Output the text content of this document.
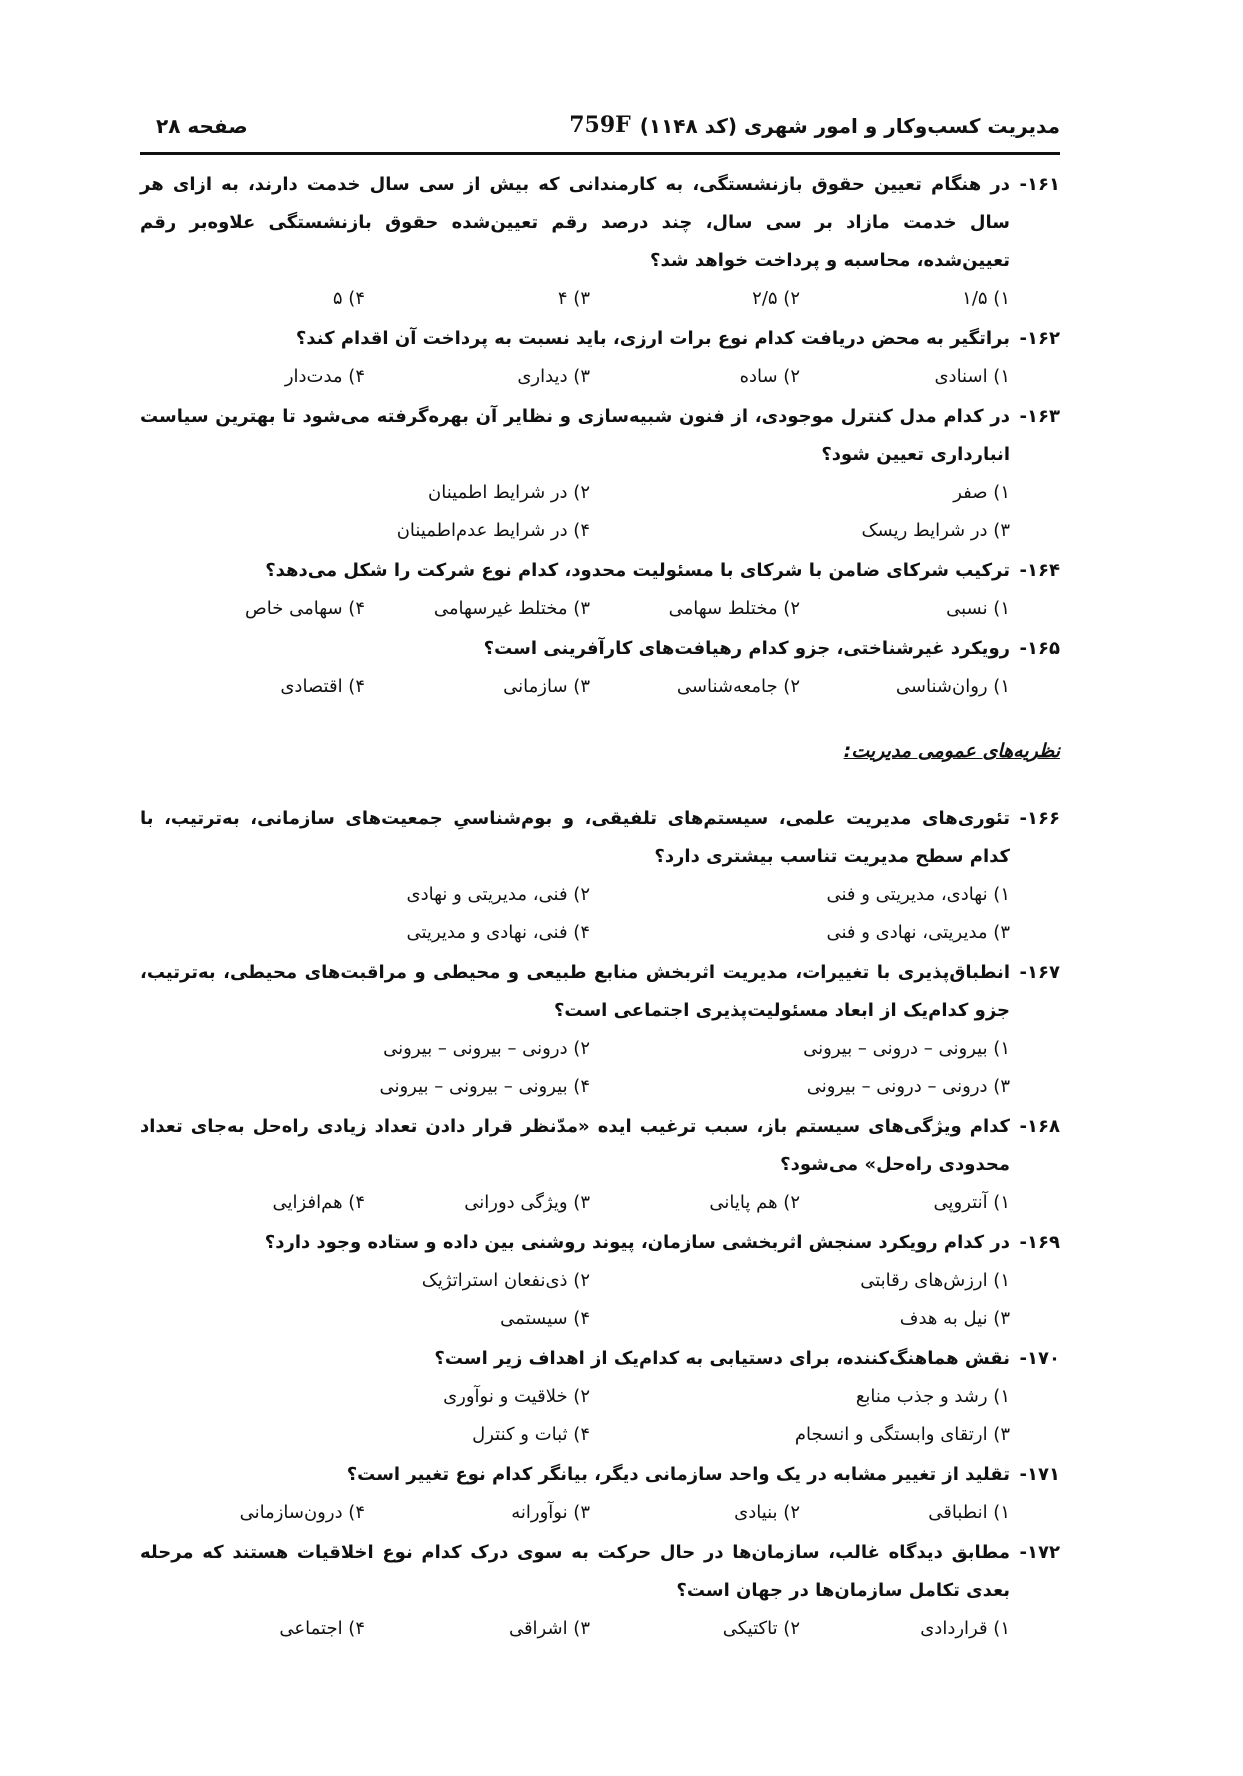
مدیریت کسب‌وکار و امور شهری (کد ۱۱۴۸)
759F
صفحه ۲۸
۱۶۱-
در هنگام تعیین حقوق بازنشستگی، به کارمندانی که بیش از سی سال خدمت دارند، به ازای هر سال خدمت مازاد بر سی سال، چند درصد رقم تعیین‌شده حقوق بازنشستگی علاوه‌بر رقم تعیین‌شده، محاسبه و پرداخت خواهد شد؟
۱) ۱/۵
۲) ۲/۵
۳) ۴
۴) ۵
۱۶۲-
براتگیر به محض دریافت کدام نوع برات ارزی، باید نسبت به پرداخت آن اقدام کند؟
۱) اسنادی
۲) ساده
۳) دیداری
۴) مدت‌دار
۱۶۳-
در کدام مدل کنترل موجودی، از فنون شبیه‌سازی و نظایر آن بهره‌گرفته می‌شود تا بهترین سیاست انبارداری تعیین شود؟
۱) صفر
۲) در شرایط اطمینان
۳) در شرایط ریسک
۴) در شرایط عدم‌اطمینان
۱۶۴-
ترکیب شرکای ضامن با شرکای با مسئولیت محدود، کدام نوع شرکت را شکل می‌دهد؟
۱) نسبی
۲) مختلط سهامی
۳) مختلط غیرسهامی
۴) سهامی خاص
۱۶۵-
رویکرد غیرشناختی، جزو کدام رهیافت‌های کارآفرینی است؟
۱) روان‌شناسی
۲) جامعه‌شناسی
۳) سازمانی
۴) اقتصادی
نظریه‌های عمومی مدیریت:
۱۶۶-
تئوری‌های مدیریت علمی، سیستم‌های تلفیقی، و بوم‌شناسیِ جمعیت‌های سازمانی، به‌ترتیب، با کدام سطح مدیریت تناسب بیشتری دارد؟
۱) نهادی، مدیریتی و فنی
۲) فنی، مدیریتی و نهادی
۳) مدیریتی، نهادی و فنی
۴) فنی، نهادی و مدیریتی
۱۶۷-
انطباق‌پذیری با تغییرات، مدیریت اثربخش منابع طبیعی و محیطی و مراقبت‌های محیطی، به‌ترتیب، جزو کدام‌یک از ابعاد مسئولیت‌پذیری اجتماعی است؟
۱) بیرونی – درونی – بیرونی
۲) درونی – بیرونی – بیرونی
۳) درونی – درونی – بیرونی
۴) بیرونی – بیرونی – بیرونی
۱۶۸-
کدام ویژگی‌های سیستم باز، سبب ترغیب ایده «مدّنظر قرار دادن تعداد زیادی راه‌حل به‌جای تعداد محدودی راه‌حل» می‌شود؟
۱) آنتروپی
۲) هم پایانی
۳) ویژگی دورانی
۴) هم‌افزایی
۱۶۹-
در کدام رویکرد سنجش اثربخشی سازمان، پیوند روشنی بین داده و ستاده وجود دارد؟
۱) ارزش‌های رقابتی
۲) ذی‌نفعان استراتژیک
۳) نیل به هدف
۴) سیستمی
۱۷۰-
نقش هماهنگ‌کننده، برای دستیابی به کدام‌یک از اهداف زیر است؟
۱) رشد و جذب منابع
۲) خلاقیت و نوآوری
۳) ارتقای وابستگی و انسجام
۴) ثبات و کنترل
۱۷۱-
تقلید از تغییر مشابه در یک واحد سازمانی دیگر، بیانگر کدام نوع تغییر است؟
۱) انطباقی
۲) بنیادی
۳) نوآورانه
۴) درون‌سازمانی
۱۷۲-
مطابق دیدگاه غالب، سازمان‌ها در حال حرکت به سوی درک کدام نوع اخلاقیات هستند که مرحله بعدی تکامل سازمان‌ها در جهان است؟
۱) قراردادی
۲) تاکتیکی
۳) اشراقی
۴) اجتماعی
